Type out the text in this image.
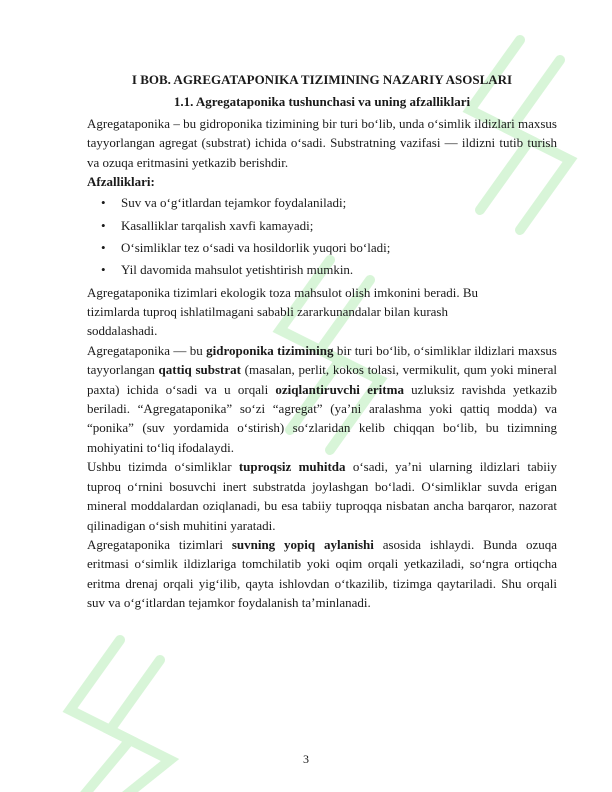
I BOB. AGREGATAPONIKA TIZIMINING NAZARIY ASOSLARI
1.1. Agregataponika tushunchasi va uning afzalliklari

Agregataponika – bu gidroponika tizimining bir turi bo‘lib, unda o‘simlik ildizlari maxsus tayyorlangan agregat (substrat) ichida o‘sadi. Substratning vazifasi — ildizni tutib turish va ozuqa eritmasini yetkazib berishdir.

Afzalliklari:

• Suv va o‘g‘itlardan tejamkor foydalaniladi;
• Kasalliklar tarqalish xavfi kamayadi;
• O‘simliklar tez o‘sadi va hosildorlik yuqori bo‘ladi;
• Yil davomida mahsulot yetishtirish mumkin.

Agregataponika tizimlari ekologik toza mahsulot olish imkonini beradi. Bu
tizimlarda tuproq ishlatilmagani sababli zararkunandalar bilan kurash
soddalashadi.

Agregataponika — bu gidroponika tizimining bir turi bo‘lib, o‘simliklar ildizlari maxsus tayyorlangan qattiq substrat (masalan, perlit, kokos tolasi, vermikulit, qum yoki mineral paxta) ichida o‘sadi va u orqali oziqlantiruvchi eritma uzluksiz ravishda yetkazib beriladi. “Agregataponika” so‘zi “agregat” (ya’ni aralashma yoki qattiq modda) va “ponika” (suv yordamida o‘stirish) so‘zlaridan kelib chiqqan bo‘lib, bu tizimning mohiyatini to‘liq ifodalaydi.

Ushbu tizimda o‘simliklar tuproqsiz muhitda o‘sadi, ya’ni ularning ildizlari tabiiy tuproq o‘rnini bosuvchi inert substratda joylashgan bo‘ladi. O‘simliklar suvda erigan mineral moddalardan oziqlanadi, bu esa tabiiy tuproqqa nisbatan ancha barqaror, nazorat qilinadigan o‘sish muhitini yaratadi.

Agregataponika tizimlari suvning yopiq aylanishi asosida ishlaydi. Bunda ozuqa eritmasi o‘simlik ildizlariga tomchilatib yoki oqim orqali yetkaziladi, so‘ngra ortiqcha eritma drenaj orqali yig‘ilib, qayta ishlovdan o‘tkazilib, tizimga qaytariladi. Shu orqali suv va o‘g‘itlardan tejamkor foydalanish ta’minlanadi.

3
